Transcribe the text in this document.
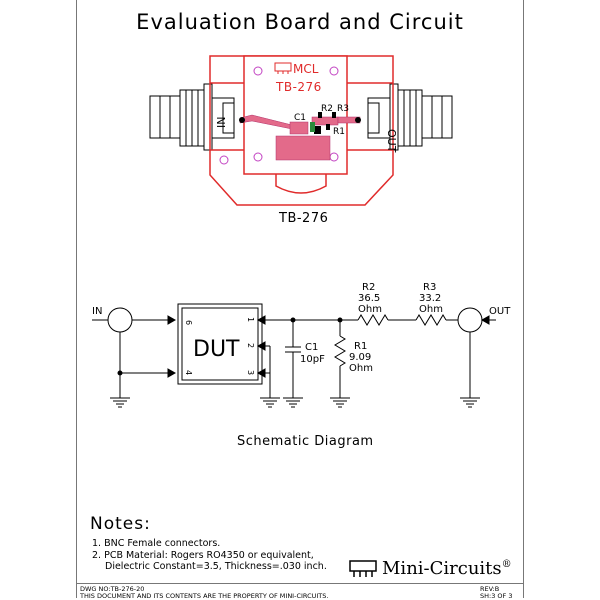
Evaluation Board and Circuit
MCL
TB-276
IN
OUT
C1
R2 R3
R1
TB-276
IN	OUT
DUT
6
4
1
2
3
C1
10pF
R1
9.09
Ohm
R2
36.5
Ohm
R3
33.2
Ohm
Schematic Diagram
Notes:
1. BNC Female connectors.
2. PCB Material: Rogers RO4350 or equivalent,
Dielectric Constant=3.5, Thickness=.030 inch.	Mini-Circuits®
DWG NO:TB-276-20
THIS DOCUMENT AND ITS CONTENTS ARE THE PROPERTY OF MINI-CIRCUITS.
REV:B
SH:3 OF 3
